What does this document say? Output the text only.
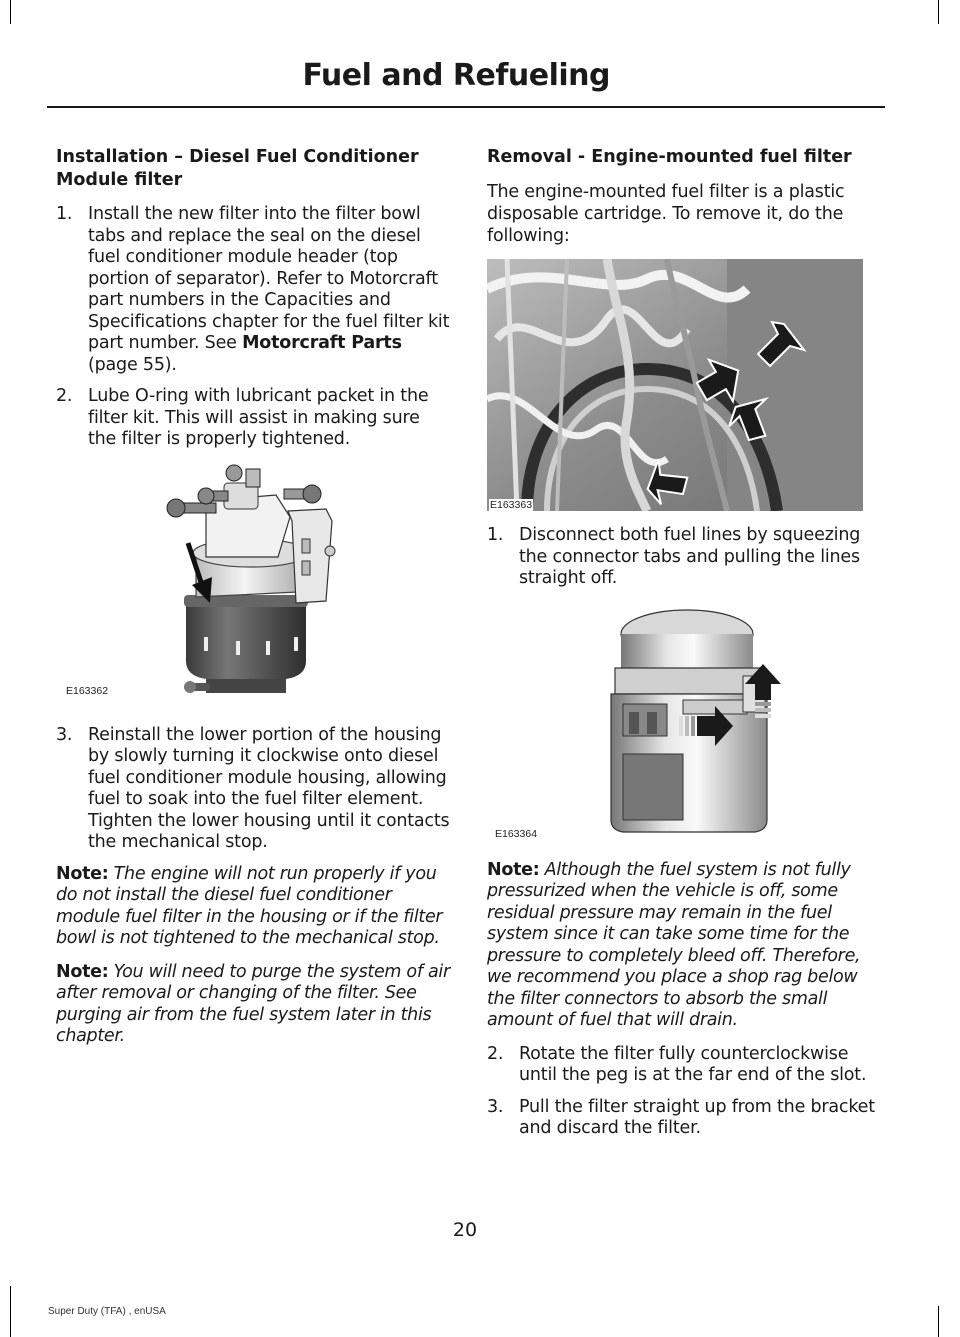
Fuel and Refueling
Installation – Diesel Fuel Conditioner Module filter
1. Install the new filter into the filter bowl tabs and replace the seal on the diesel fuel conditioner module header (top portion of separator). Refer to Motorcraft part numbers in the Capacities and Specifications chapter for the fuel filter kit part number. See Motorcraft Parts (page 55).
2. Lube O-ring with lubricant packet in the filter kit. This will assist in making sure the filter is properly tightened.
E163362
3. Reinstall the lower portion of the housing by slowly turning it clockwise onto diesel fuel conditioner module housing, allowing fuel to soak into the fuel filter element. Tighten the lower housing until it contacts the mechanical stop.
Note: The engine will not run properly if you do not install the diesel fuel conditioner module fuel filter in the housing or if the filter bowl is not tightened to the mechanical stop.
Note: You will need to purge the system of air after removal or changing of the filter. See purging air from the fuel system later in this chapter.
Removal - Engine-mounted fuel filter

The engine-mounted fuel filter is a plastic disposable cartridge. To remove it, do the following:

E163363
1. Disconnect both fuel lines by squeezing the connector tabs and pulling the lines straight off.
E163364
Note: Although the fuel system is not fully pressurized when the vehicle is off, some residual pressure may remain in the fuel system since it can take some time for the pressure to completely bleed off. Therefore, we recommend you place a shop rag below the filter connectors to absorb the small amount of fuel that will drain.
2. Rotate the filter fully counterclockwise until the peg is at the far end of the slot.
3. Pull the filter straight up from the bracket and discard the filter.
20
Super Duty (TFA) , enUSA
